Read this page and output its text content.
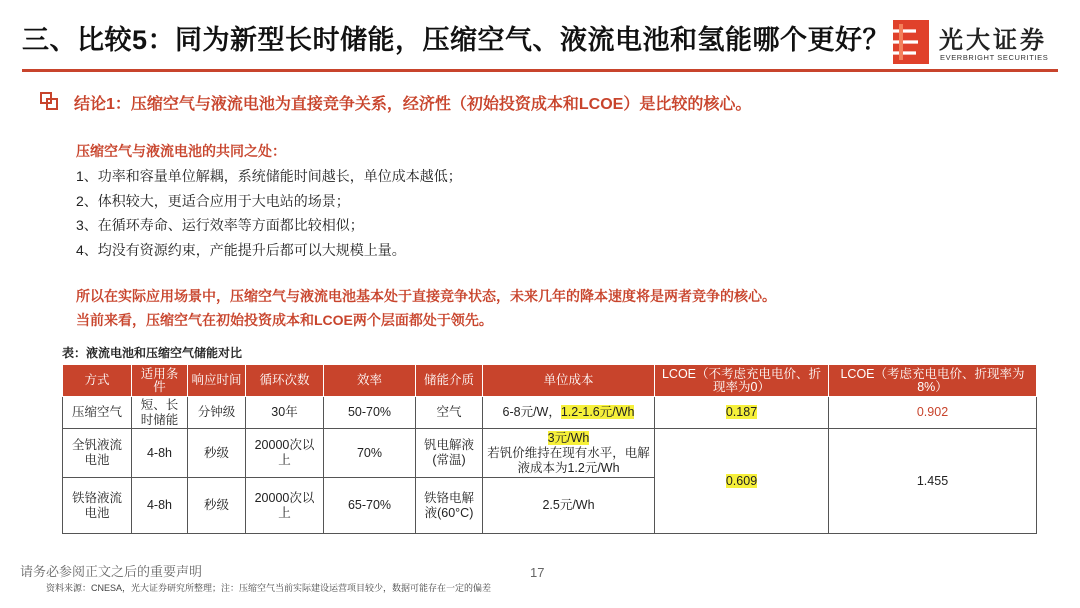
三、比较5：同为新型长时储能，压缩空气、液流电池和氢能哪个更好？ 光大证券
EVERBRIGHT SECURITIES
结论1：压缩空气与液流电池为直接竞争关系，经济性（初始投资成本和LCOE）是比较的核心。
压缩空气与液流电池的共同之处：
1、功率和容量单位解耦，系统储能时间越长，单位成本越低；
2、体积较大，更适合应用于大电站的场景；
3、在循环寿命、运行效率等方面都比较相似；
4、均没有资源约束，产能提升后都可以大规模上量。
所以在实际应用场景中，压缩空气与液流电池基本处于直接竞争状态，未来几年的降本速度将是两者竞争的核心。
当前来看，压缩空气在初始投资成本和LCOE两个层面都处于领先。
表：液流电池和压缩空气储能对比
方式	适用条件	响应时间	循环次数	效率	储能介质	单位成本	LCOE（不考虑充电电价、折现率为0）	LCOE（考虑充电电价、折现率为8%）
压缩空气	短、长时储能	分钟级	30年	50-70%	空气	6-8元/W，1.2-1.6元/Wh	0.187	0.902
全钒液流电池	4-8h	秒级	20000次以上	70%	钒电解液(常温)	3元/Wh
若钒价维持在现有水平，电解液成本为1.2元/Wh	0.609	1.455
铁铬液流电池	4-8h	秒级	20000次以上	65-70%	铁铬电解液(60°C)	2.5元/Wh		
请务必参阅正文之后的重要声明	17
资料来源：CNESA，光大证券研究所整理；注：压缩空气当前实际建设运营项目较少，数据可能存在一定的偏差
